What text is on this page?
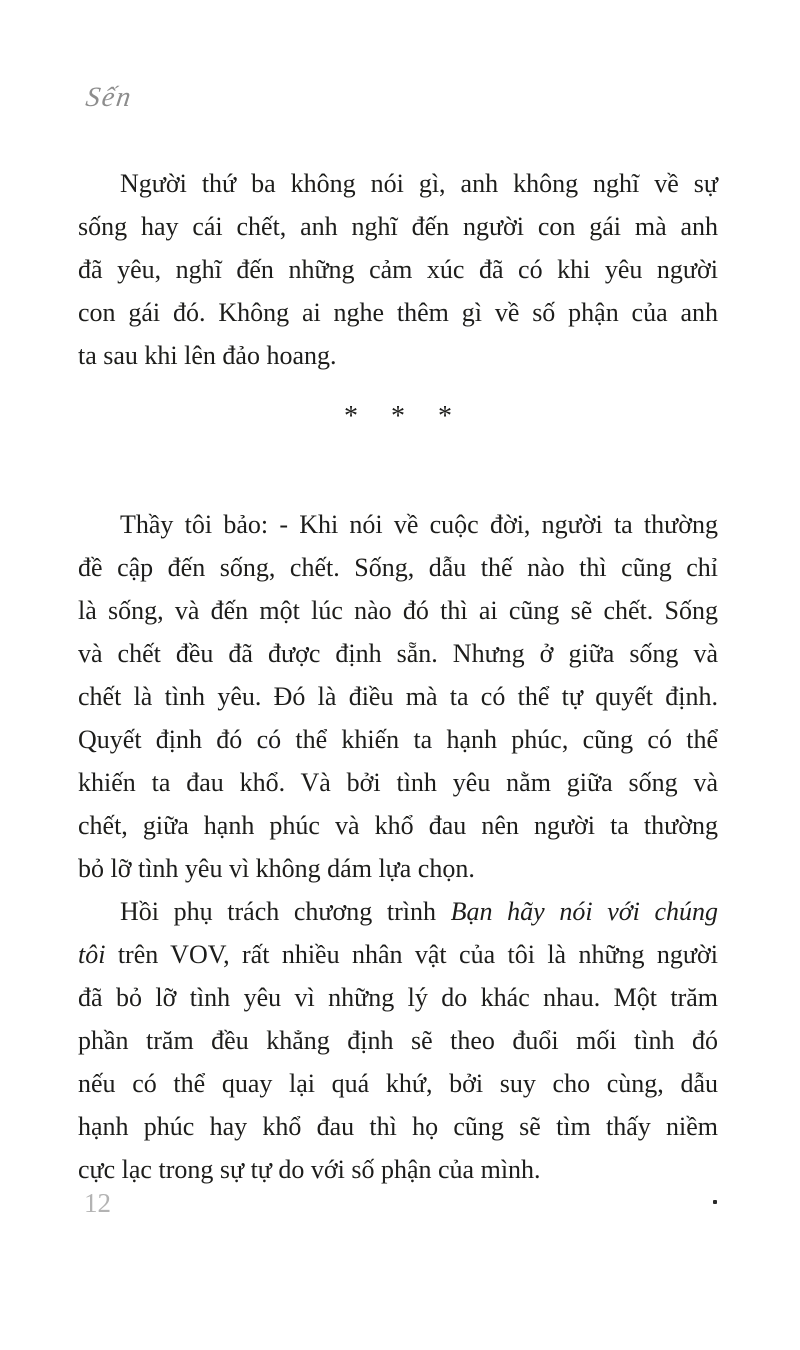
Sến
Người thứ ba không nói gì, anh không nghĩ về sự
sống hay cái chết, anh nghĩ đến người con gái mà anh
đã yêu, nghĩ đến những cảm xúc đã có khi yêu người
con gái đó. Không ai nghe thêm gì về số phận của anh
ta sau khi lên đảo hoang.
* * *
Thầy tôi bảo: - Khi nói về cuộc đời, người ta thường
đề cập đến sống, chết. Sống, dẫu thế nào thì cũng chỉ
là sống, và đến một lúc nào đó thì ai cũng sẽ chết. Sống
và chết đều đã được định sẵn. Nhưng ở giữa sống và
chết là tình yêu. Đó là điều mà ta có thể tự quyết định.
Quyết định đó có thể khiến ta hạnh phúc, cũng có thể
khiến ta đau khổ. Và bởi tình yêu nằm giữa sống và
chết, giữa hạnh phúc và khổ đau nên người ta thường
bỏ lỡ tình yêu vì không dám lựa chọn.
Hồi phụ trách chương trình Bạn hãy nói với chúng
tôi trên VOV, rất nhiều nhân vật của tôi là những người
đã bỏ lỡ tình yêu vì những lý do khác nhau. Một trăm
phần trăm đều khẳng định sẽ theo đuổi mối tình đó
nếu có thể quay lại quá khứ, bởi suy cho cùng, dẫu
hạnh phúc hay khổ đau thì họ cũng sẽ tìm thấy niềm
cực lạc trong sự tự do với số phận của mình.
12
